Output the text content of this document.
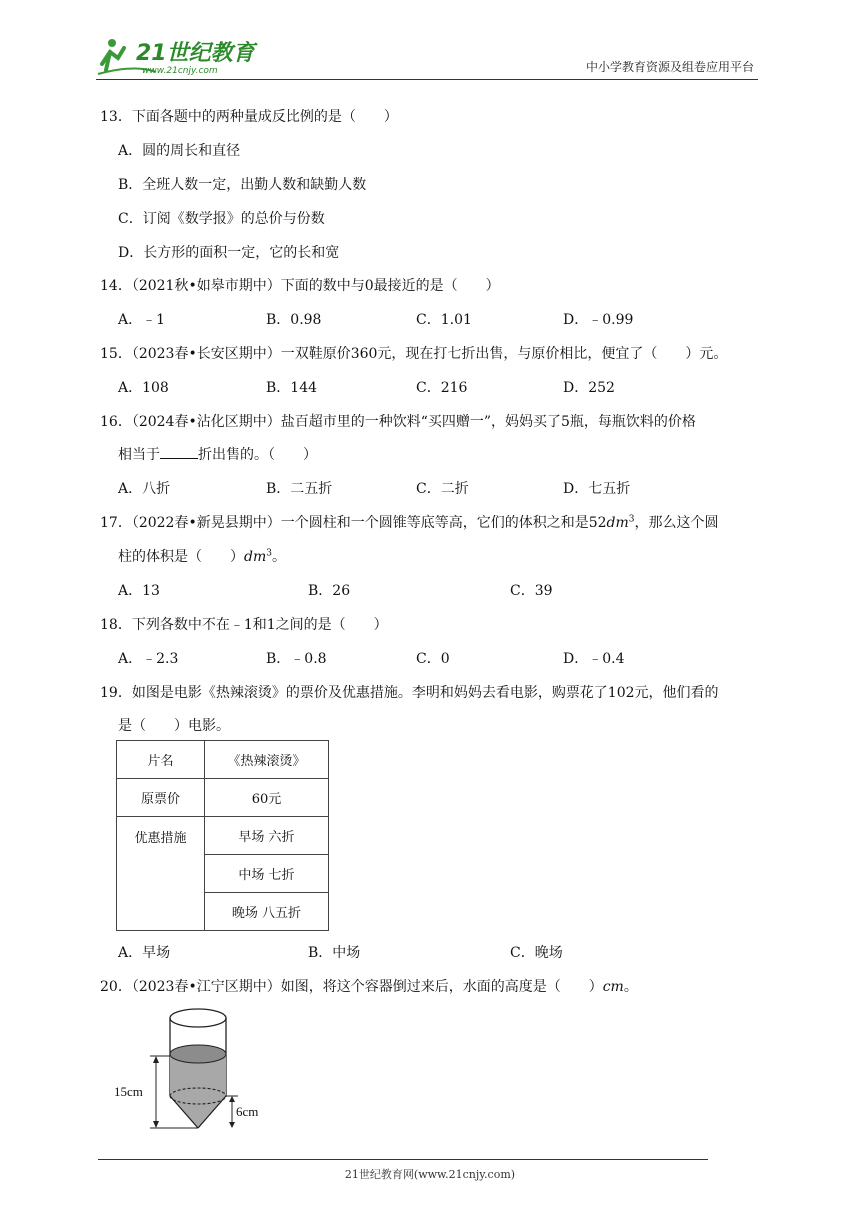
21世纪教育
www.21cnjy.com	中小学教育资源及组卷应用平台
13．下面各题中的两种量成反比例的是（　　）
A．圆的周长和直径
B．全班人数一定，出勤人数和缺勤人数
C．订阅《数学报》的总价与份数
D．长方形的面积一定，它的长和宽
14．（2021秋•如皋市期中）下面的数中与0最接近的是（　　）
A．﹣1	B．0.98	C．1.01	D．﹣0.99
15．（2023春•长安区期中）一双鞋原价360元，现在打七折出售，与原价相比，便宜了（　　）元。
A．108	B．144	C．216	D．252
16．（2024春•沾化区期中）盐百超市里的一种饮料“买四赠一”，妈妈买了5瓶，每瓶饮料的价格
相当于	折出售的。（　　）
A．八折	B．二五折	C．二折	D．七五折
17．（2022春•新晃县期中）一个圆柱和一个圆锥等底等高，它们的体积之和是$52dm^3$，那么这个圆
柱的体积是（　　）$dm^3$。
A．13	B．26	C．39
18．下列各数中不在﹣1和1之间的是（　　）
A．﹣2.3	B．﹣0.8	C．0	D．﹣0.4
19．如图是电影《热辣滚烫》的票价及优惠措施。李明和妈妈去看电影，购票花了102元，他们看的
是（　　）电影。
片名	《热辣滚烫》
原票价	60元
优惠措施	早场 六折
	中场 七折
	晚场 八五折
A．早场	B．中场	C．晚场
20．（2023春•江宁区期中）如图，将这个容器倒过来后，水面的高度是（　　）cm。
15cm
6cm
21世纪教育网(www.21cnjy.com)
